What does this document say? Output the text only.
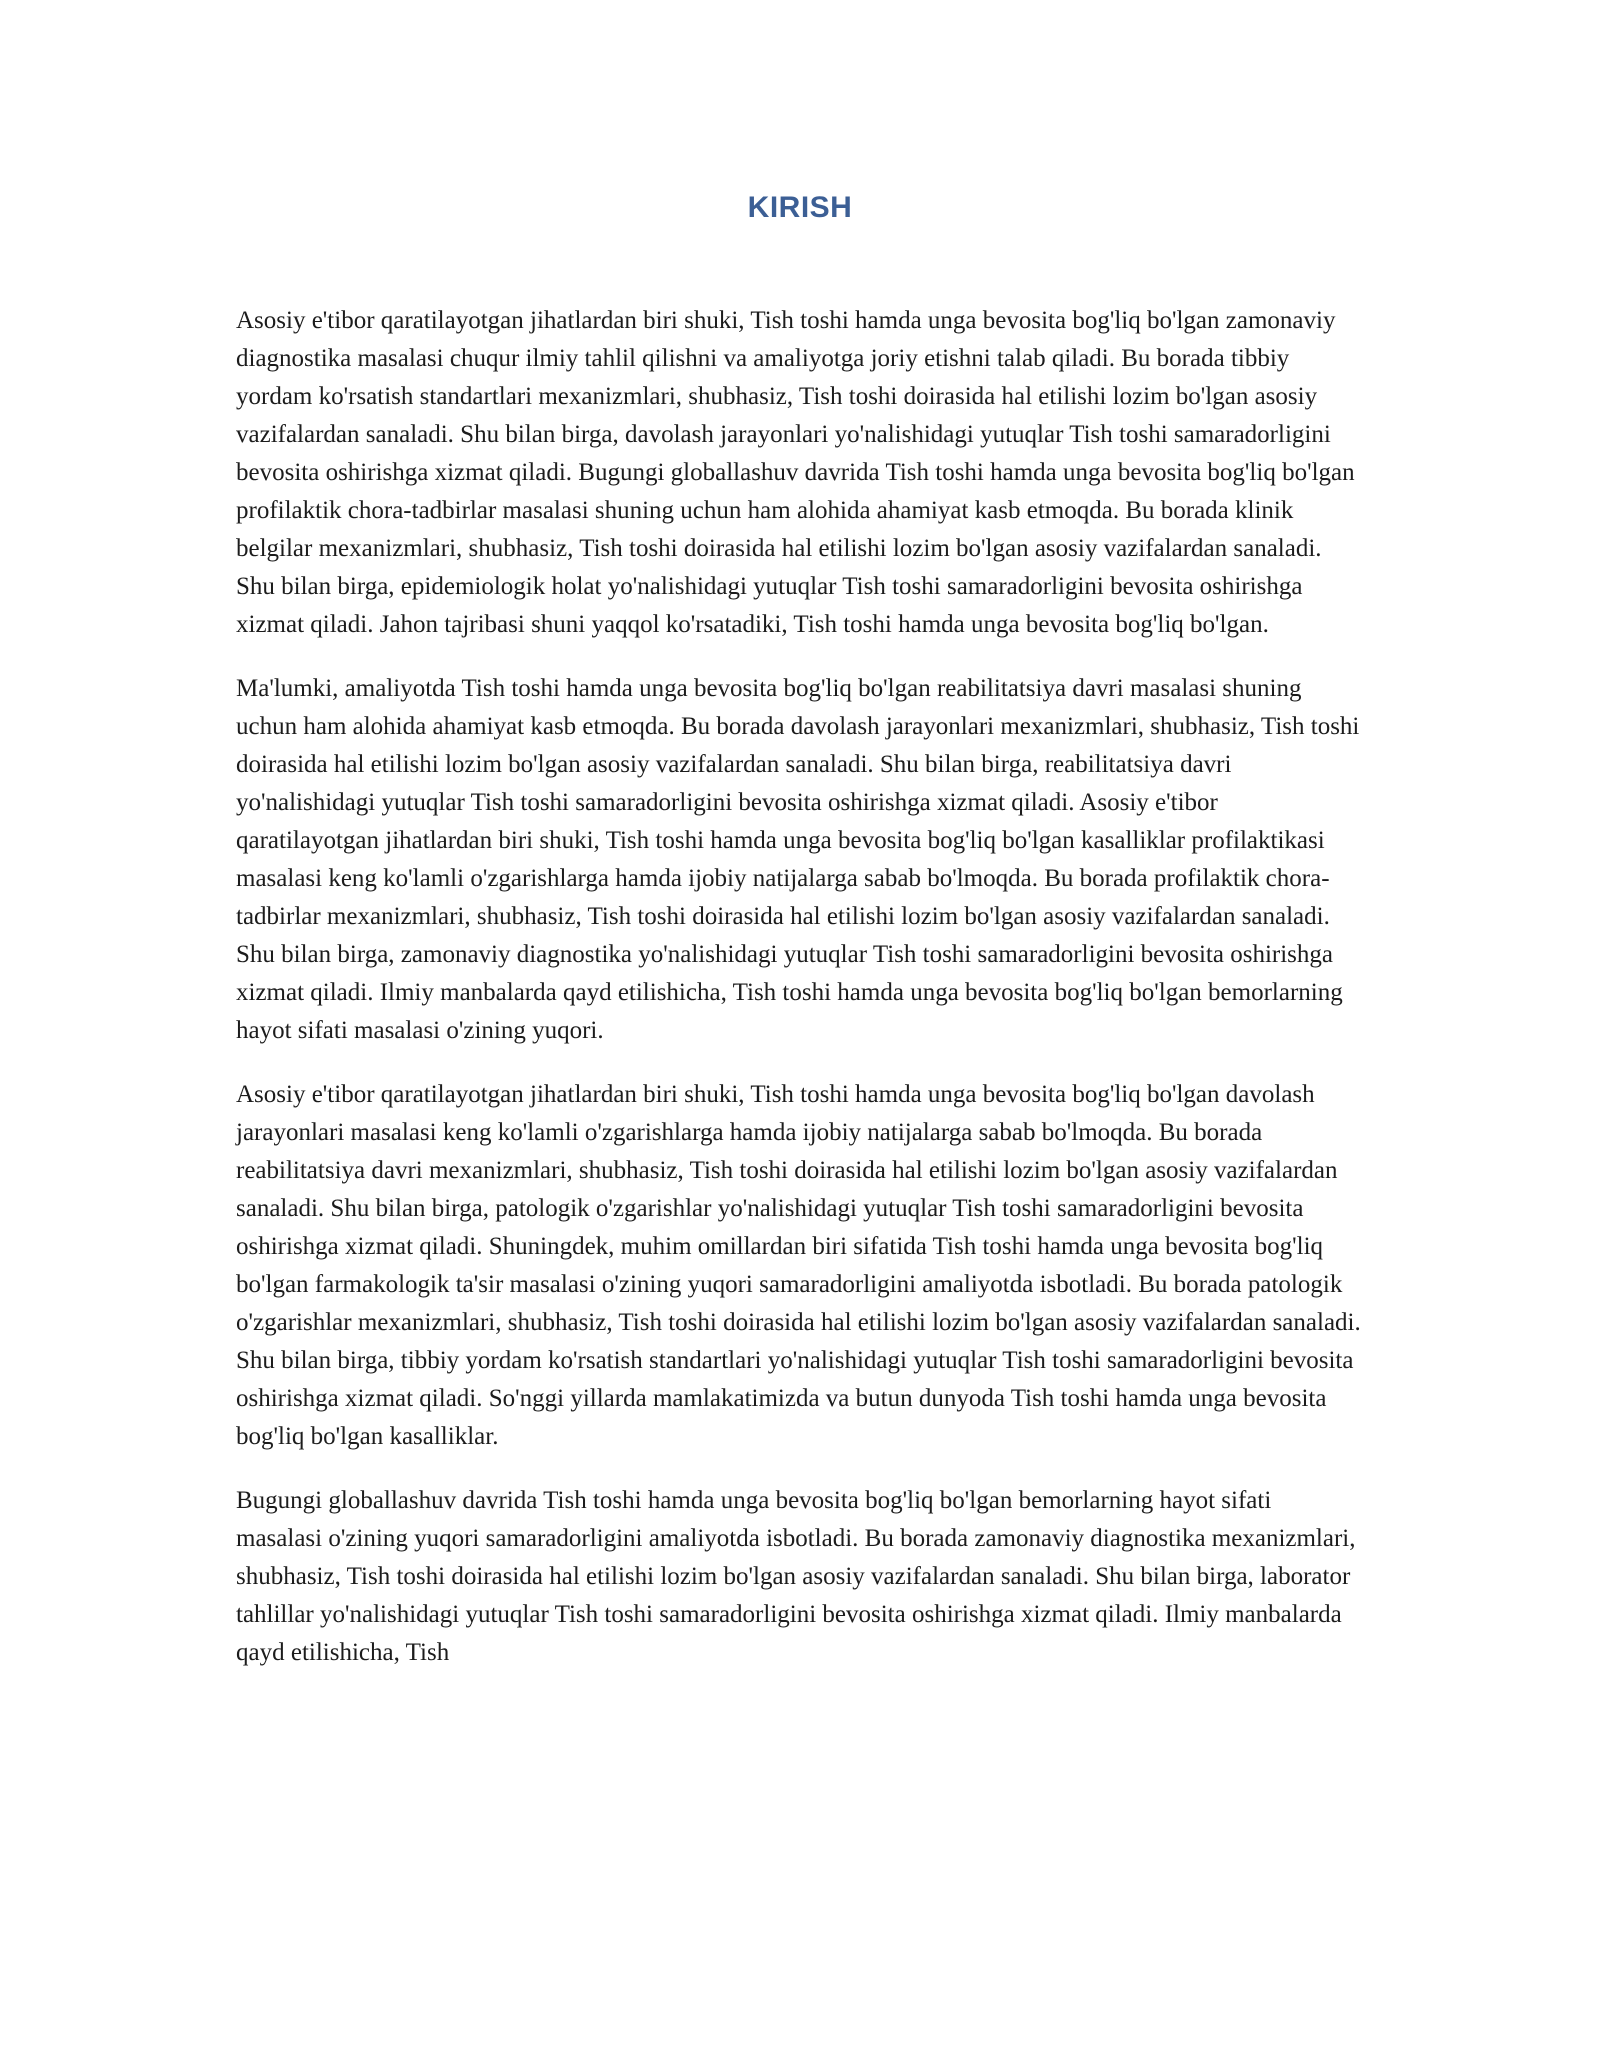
KIRISH

Asosiy e'tibor qaratilayotgan jihatlardan biri shuki, Tish toshi hamda unga bevosita bog'liq bo'lgan zamonaviy diagnostika masalasi chuqur ilmiy tahlil qilishni va amaliyotga joriy etishni talab qiladi. Bu borada tibbiy yordam ko'rsatish standartlari mexanizmlari, shubhasiz, Tish toshi doirasida hal etilishi lozim bo'lgan asosiy vazifalardan sanaladi. Shu bilan birga, davolash jarayonlari yo'nalishidagi yutuqlar Tish toshi samaradorligini bevosita oshirishga xizmat qiladi. Bugungi globallashuv davrida Tish toshi hamda unga bevosita bog'liq bo'lgan profilaktik chora-tadbirlar masalasi shuning uchun ham alohida ahamiyat kasb etmoqda. Bu borada klinik belgilar mexanizmlari, shubhasiz, Tish toshi doirasida hal etilishi lozim bo'lgan asosiy vazifalardan sanaladi. Shu bilan birga, epidemiologik holat yo'nalishidagi yutuqlar Tish toshi samaradorligini bevosita oshirishga xizmat qiladi. Jahon tajribasi shuni yaqqol ko'rsatadiki, Tish toshi hamda unga bevosita bog'liq bo'lgan.

Ma'lumki, amaliyotda Tish toshi hamda unga bevosita bog'liq bo'lgan reabilitatsiya davri masalasi shuning uchun ham alohida ahamiyat kasb etmoqda. Bu borada davolash jarayonlari mexanizmlari, shubhasiz, Tish toshi doirasida hal etilishi lozim bo'lgan asosiy vazifalardan sanaladi. Shu bilan birga, reabilitatsiya davri yo'nalishidagi yutuqlar Tish toshi samaradorligini bevosita oshirishga xizmat qiladi. Asosiy e'tibor qaratilayotgan jihatlardan biri shuki, Tish toshi hamda unga bevosita bog'liq bo'lgan kasalliklar profilaktikasi masalasi keng ko'lamli o'zgarishlarga hamda ijobiy natijalarga sabab bo'lmoqda. Bu borada profilaktik chora-tadbirlar mexanizmlari, shubhasiz, Tish toshi doirasida hal etilishi lozim bo'lgan asosiy vazifalardan sanaladi. Shu bilan birga, zamonaviy diagnostika yo'nalishidagi yutuqlar Tish toshi samaradorligini bevosita oshirishga xizmat qiladi. Ilmiy manbalarda qayd etilishicha, Tish toshi hamda unga bevosita bog'liq bo'lgan bemorlarning hayot sifati masalasi o'zining yuqori.

Asosiy e'tibor qaratilayotgan jihatlardan biri shuki, Tish toshi hamda unga bevosita bog'liq bo'lgan davolash jarayonlari masalasi keng ko'lamli o'zgarishlarga hamda ijobiy natijalarga sabab bo'lmoqda. Bu borada reabilitatsiya davri mexanizmlari, shubhasiz, Tish toshi doirasida hal etilishi lozim bo'lgan asosiy vazifalardan sanaladi. Shu bilan birga, patologik o'zgarishlar yo'nalishidagi yutuqlar Tish toshi samaradorligini bevosita oshirishga xizmat qiladi. Shuningdek, muhim omillardan biri sifatida Tish toshi hamda unga bevosita bog'liq bo'lgan farmakologik ta'sir masalasi o'zining yuqori samaradorligini amaliyotda isbotladi. Bu borada patologik o'zgarishlar mexanizmlari, shubhasiz, Tish toshi doirasida hal etilishi lozim bo'lgan asosiy vazifalardan sanaladi. Shu bilan birga, tibbiy yordam ko'rsatish standartlari yo'nalishidagi yutuqlar Tish toshi samaradorligini bevosita oshirishga xizmat qiladi. So'nggi yillarda mamlakatimizda va butun dunyoda Tish toshi hamda unga bevosita bog'liq bo'lgan kasalliklar.

Bugungi globallashuv davrida Tish toshi hamda unga bevosita bog'liq bo'lgan bemorlarning hayot sifati masalasi o'zining yuqori samaradorligini amaliyotda isbotladi. Bu borada zamonaviy diagnostika mexanizmlari, shubhasiz, Tish toshi doirasida hal etilishi lozim bo'lgan asosiy vazifalardan sanaladi. Shu bilan birga, laborator tahlillar yo'nalishidagi yutuqlar Tish toshi samaradorligini bevosita oshirishga xizmat qiladi. Ilmiy manbalarda qayd etilishicha, Tish
